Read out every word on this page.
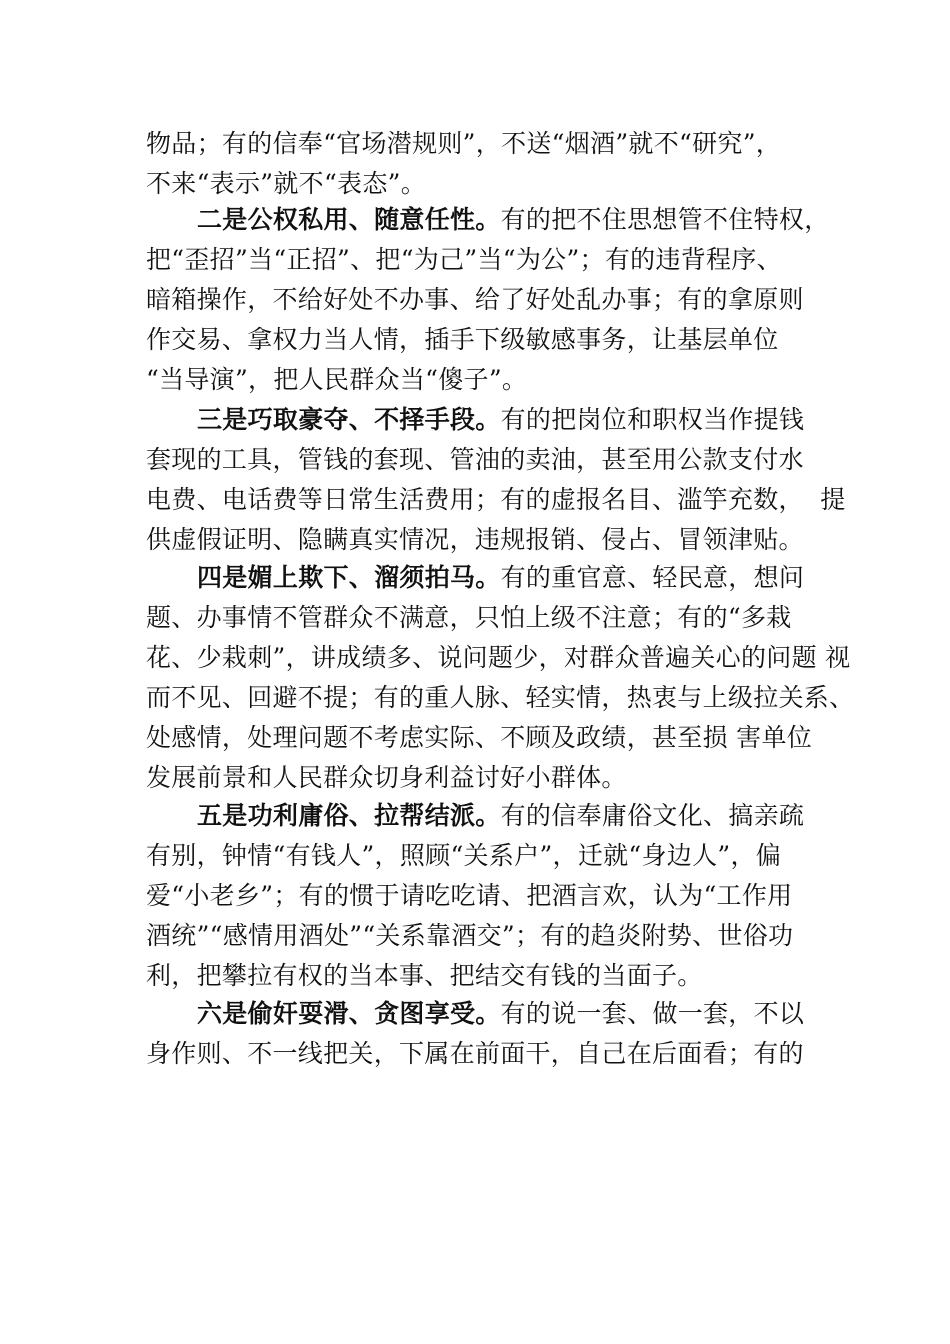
物品；有的信奉“官场潜规则”，不送“烟酒”就不“研究”，
不来“表示”就不“表态”。
二是公权私用、随意任性。有的把不住思想管不住特权，
把“歪招”当“正招”、把“为己”当“为公”；有的违背程序、
暗箱操作，不给好处不办事、给了好处乱办事；有的拿原则
作交易、拿权力当人情，插手下级敏感事务，让基层单位
“当导演”，把人民群众当“傻子”。
三是巧取豪夺、不择手段。有的把岗位和职权当作提钱
套现的工具，管钱的套现、管油的卖油，甚至用公款支付水
电费、电话费等日常生活费用；有的虚报名目、滥竽充数，  提
供虚假证明、隐瞒真实情况，违规报销、侵占、冒领津贴。
四是媚上欺下、溜须拍马。有的重官意、轻民意，想问
题、办事情不管群众不满意，只怕上级不注意；有的“多栽
花、少栽刺”，讲成绩多、说问题少，对群众普遍关心的问题 视
而不见、回避不提；有的重人脉、轻实情，热衷与上级拉关系、
处感情，处理问题不考虑实际、不顾及政绩，甚至损 害单位
发展前景和人民群众切身利益讨好小群体。
五是功利庸俗、拉帮结派。有的信奉庸俗文化、搞亲疏
有别，钟情“有钱人”，照顾“关系户”，迁就“身边人”，偏
爱“小老乡”；有的惯于请吃吃请、把酒言欢，认为“工作用
酒统”“感情用酒处”“关系靠酒交”；有的趋炎附势、世俗功
利，把攀拉有权的当本事、把结交有钱的当面子。
六是偷奸耍滑、贪图享受。有的说一套、做一套，不以
身作则、不一线把关，下属在前面干，自己在后面看；有的
